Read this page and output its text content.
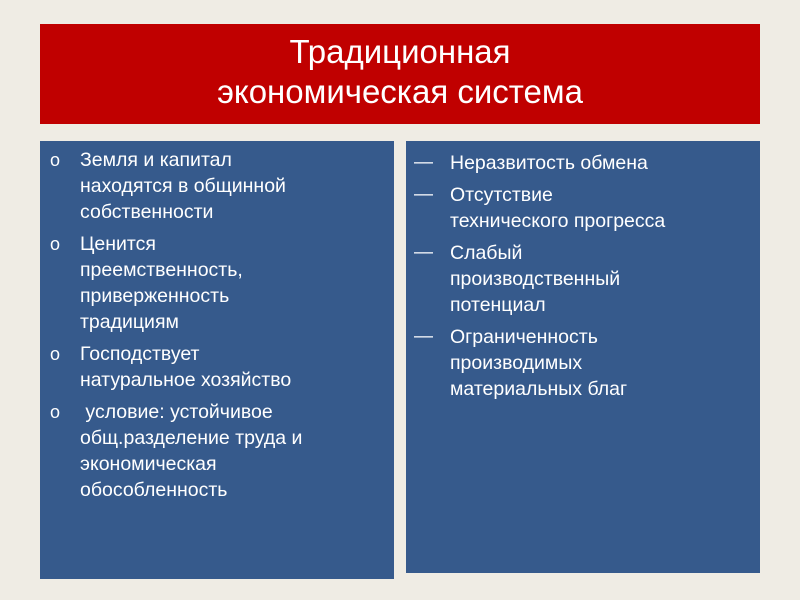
Традиционная
экономическая система
o Земля и капитал
находятся в общинной
собственности
o Ценится
преемственность,
приверженность
традициям
o Господствует
натуральное хозяйство
o условие: устойчивое
общ.разделение труда и
экономическая
обособленность
— Неразвитость обмена
— Отсутствие
технического прогресса
— Слабый
производственный
потенциал
— Ограниченность
производимых
материальных благ
